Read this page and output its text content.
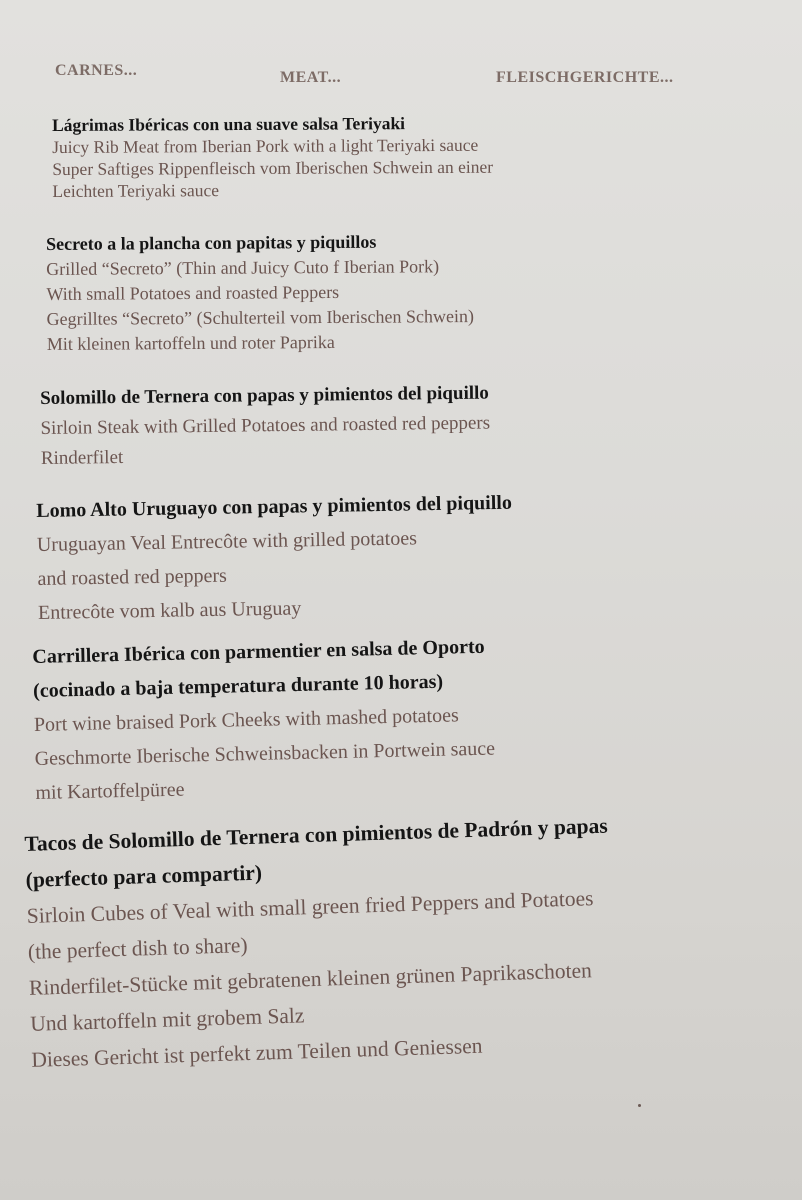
CARNES...	MEAT...	FLEISCHGERICHTE...
Lágrimas Ibéricas con una suave salsa Teriyaki
Juicy Rib Meat from Iberian Pork with a light Teriyaki sauce
Super Saftiges Rippenfleisch vom Iberischen Schwein an einer
Leichten Teriyaki sauce
Secreto a la plancha con papitas y piquillos
Grilled “Secreto” (Thin and Juicy Cuto f Iberian Pork)
With small Potatoes and roasted Peppers
Gegrilltes “Secreto” (Schulterteil vom Iberischen Schwein)
Mit kleinen kartoffeln und roter Paprika
Solomillo de Ternera con papas y pimientos del piquillo
Sirloin Steak with Grilled Potatoes and roasted red peppers
Rinderfilet
Lomo Alto Uruguayo con papas y pimientos del piquillo
Uruguayan Veal Entrecôte with grilled potatoes
and roasted red peppers
Entrecôte vom kalb aus Uruguay
Carrillera Ibérica con parmentier en salsa de Oporto
(cocinado a baja temperatura durante 10 horas)
Port wine braised Pork Cheeks with mashed potatoes
Geschmorte Iberische Schweinsbacken in Portwein sauce
mit Kartoffelpüree
Tacos de Solomillo de Ternera con pimientos de Padrón y papas
(perfecto para compartir)
Sirloin Cubes of Veal with small green fried Peppers and Potatoes
(the perfect dish to share)
Rinderfilet-Stücke mit gebratenen kleinen grünen Paprikaschoten
Und kartoffeln mit grobem Salz
Dieses Gericht ist perfekt zum Teilen und Geniessen
